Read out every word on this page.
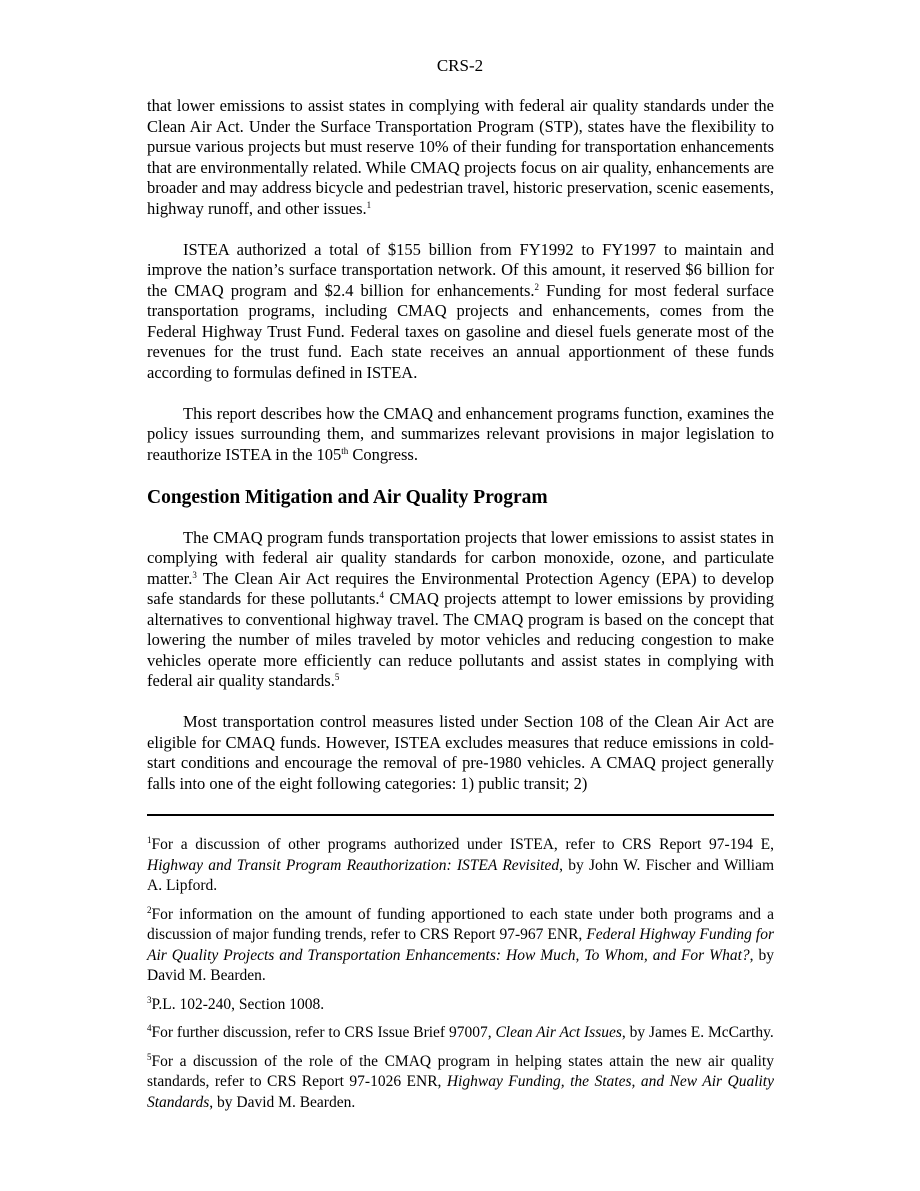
CRS-2

that lower emissions to assist states in complying with federal air quality standards under the Clean Air Act. Under the Surface Transportation Program (STP), states have the flexibility to pursue various projects but must reserve 10% of their funding for transportation enhancements that are environmentally related. While CMAQ projects focus on air quality, enhancements are broader and may address bicycle and pedestrian travel, historic preservation, scenic easements, highway runoff, and other issues.$^1$

ISTEA authorized a total of $155 billion from FY1992 to FY1997 to maintain and improve the nation’s surface transportation network. Of this amount, it reserved $6 billion for the CMAQ program and $2.4 billion for enhancements.$^2$ Funding for most federal surface transportation programs, including CMAQ projects and enhancements, comes from the Federal Highway Trust Fund. Federal taxes on gasoline and diesel fuels generate most of the revenues for the trust fund. Each state receives an annual apportionment of these funds according to formulas defined in ISTEA.

This report describes how the CMAQ and enhancement programs function, examines the policy issues surrounding them, and summarizes relevant provisions in major legislation to reauthorize ISTEA in the 105th Congress.

Congestion Mitigation and Air Quality Program

The CMAQ program funds transportation projects that lower emissions to assist states in complying with federal air quality standards for carbon monoxide, ozone, and particulate matter.$^3$ The Clean Air Act requires the Environmental Protection Agency (EPA) to develop safe standards for these pollutants.$^4$ CMAQ projects attempt to lower emissions by providing alternatives to conventional highway travel. The CMAQ program is based on the concept that lowering the number of miles traveled by motor vehicles and reducing congestion to make vehicles operate more efficiently can reduce pollutants and assist states in complying with federal air quality standards.$^5$

Most transportation control measures listed under Section 108 of the Clean Air Act are eligible for CMAQ funds. However, ISTEA excludes measures that reduce emissions in cold-start conditions and encourage the removal of pre-1980 vehicles. A CMAQ project generally falls into one of the eight following categories: 1) public transit; 2)

$^1$For a discussion of other programs authorized under ISTEA, refer to CRS Report 97-194 E, Highway and Transit Program Reauthorization: ISTEA Revisited, by John W. Fischer and William A. Lipford.
$^2$For information on the amount of funding apportioned to each state under both programs and a discussion of major funding trends, refer to CRS Report 97-967 ENR, Federal Highway Funding for Air Quality Projects and Transportation Enhancements: How Much, To Whom, and For What?, by David M. Bearden.
$^3$P.L. 102-240, Section 1008.
$^4$For further discussion, refer to CRS Issue Brief 97007, Clean Air Act Issues, by James E. McCarthy.
$^5$For a discussion of the role of the CMAQ program in helping states attain the new air quality standards, refer to CRS Report 97-1026 ENR, Highway Funding, the States, and New Air Quality Standards, by David M. Bearden.
